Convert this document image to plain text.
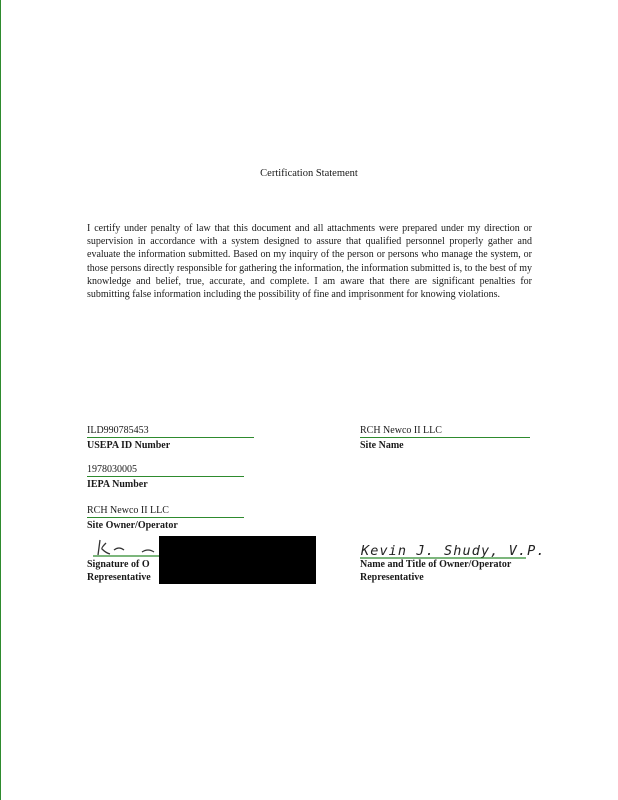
Certification Statement
I certify under penalty of law that this document and all attachments were prepared under my direction or supervision in accordance with a system designed to assure that qualified personnel properly gather and evaluate the information submitted. Based on my inquiry of the person or persons who manage the system, or those persons directly responsible for gathering the information, the information submitted is, to the best of my knowledge and belief, true, accurate, and complete. I am aware that there are significant penalties for submitting false information including the possibility of fine and imprisonment for knowing violations.
ILD990785453
USEPA ID Number
RCH Newco II LLC
Site Name
1978030005
IEPA Number
RCH Newco II LLC
Site Owner/Operator
Signature of O
Representative
Kevin J. Shudy, V.P.
Name and Title of Owner/Operator
Representative
